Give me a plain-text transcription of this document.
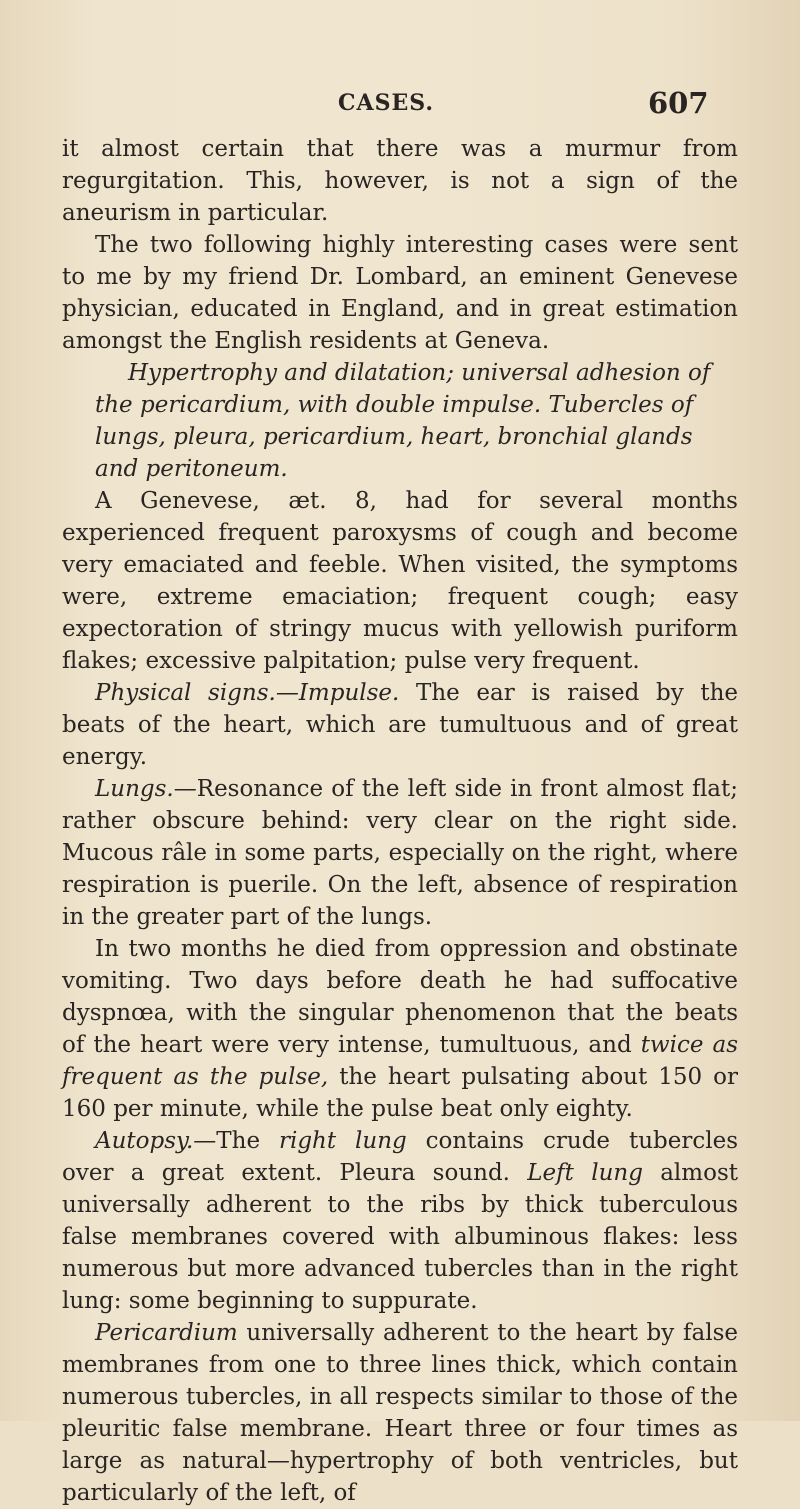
CASES.	607

it almost certain that there was a murmur from regurgitation. This, however, is not a sign of the aneurism in particular.

The two following highly interesting cases were sent to me by my friend Dr. Lombard, an eminent Genevese physician, educated in England, and in great estimation amongst the English residents at Geneva.

Hypertrophy and dilatation; universal adhesion of the pericardium, with double impulse. Tubercles of lungs, pleura, pericardium, heart, bronchial glands and peritoneum.

A Genevese, æt. 8, had for several months experienced frequent paroxysms of cough and become very emaciated and feeble. When visited, the symptoms were, extreme emaciation; frequent cough; easy expectoration of stringy mucus with yellowish puriform flakes; excessive palpitation; pulse very frequent.

Physical signs.—Impulse. The ear is raised by the beats of the heart, which are tumultuous and of great energy.

Lungs.—Resonance of the left side in front almost flat; rather obscure behind: very clear on the right side. Mucous râle in some parts, especially on the right, where respiration is puerile. On the left, absence of respiration in the greater part of the lungs.

In two months he died from oppression and obstinate vomiting. Two days before death he had suffocative dyspnœa, with the singular phenomenon that the beats of the heart were very intense, tumultuous, and twice as frequent as the pulse, the heart pulsating about 150 or 160 per minute, while the pulse beat only eighty.

Autopsy.—The right lung contains crude tubercles over a great extent. Pleura sound. Left lung almost universally adherent to the ribs by thick tuberculous false membranes covered with albuminous flakes: less numerous but more advanced tubercles than in the right lung: some beginning to suppurate.

Pericardium universally adherent to the heart by false membranes from one to three lines thick, which contain numerous tubercles, in all respects similar to those of the pleuritic false membrane. Heart three or four times as large as natural—hypertrophy of both ventricles, but particularly of the left, of
